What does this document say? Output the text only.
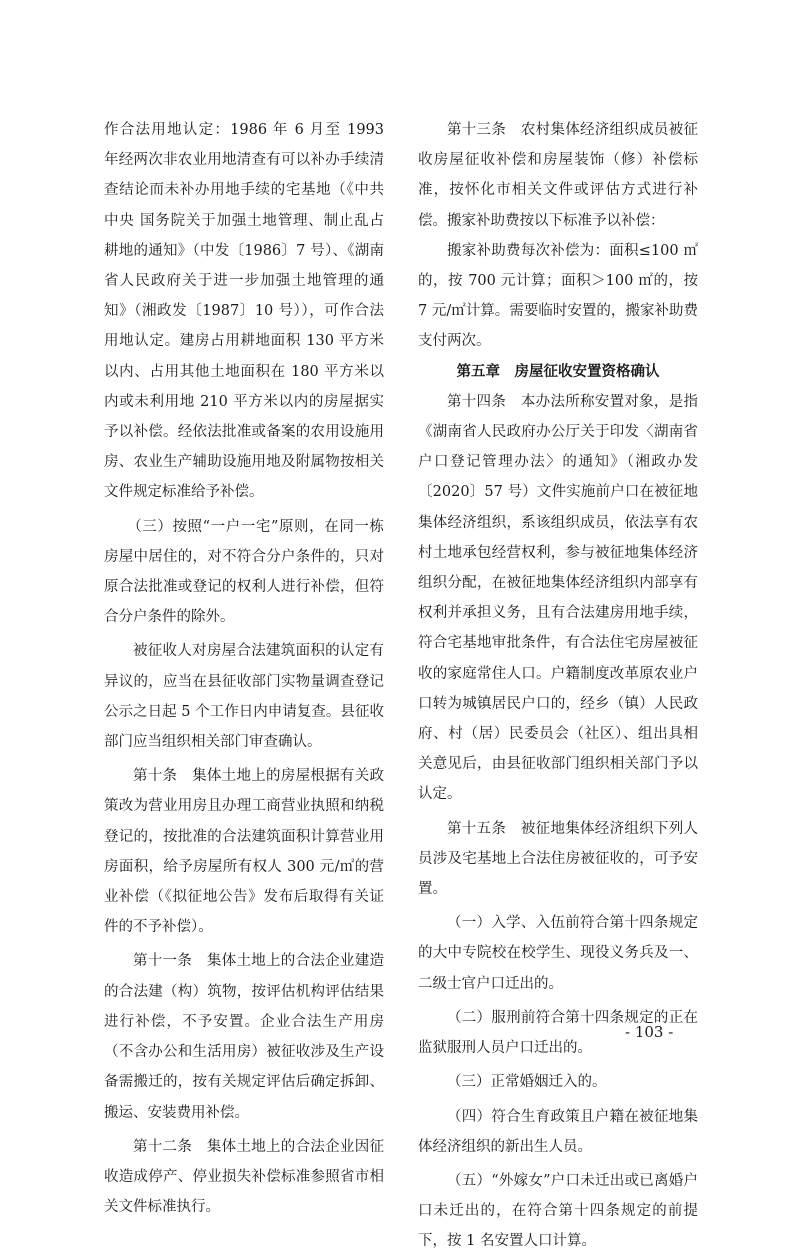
作合法用地认定：1986 年 6 月至 1993 年经两次非农业用地清查有可以补办手续清查结论而未补办用地手续的宅基地（《中共中央 国务院关于加强土地管理、制止乱占耕地的通知》（中发〔1986〕7 号）、《湖南省人民政府关于进一步加强土地管理的通知》（湘政发〔1987〕10 号）），可作合法用地认定。建房占用耕地面积 130 平方米以内、占用其他土地面积在 180 平方米以内或未利用地 210 平方米以内的房屋据实予以补偿。经依法批准或备案的农用设施用房、农业生产辅助设施用地及附属物按相关文件规定标准给予补偿。

（三）按照“一户一宅”原则，在同一栋房屋中居住的，对不符合分户条件的，只对原合法批准或登记的权利人进行补偿，但符合分户条件的除外。

被征收人对房屋合法建筑面积的认定有异议的，应当在县征收部门实物量调查登记公示之日起 5 个工作日内申请复查。县征收部门应当组织相关部门审查确认。

第十条　集体土地上的房屋根据有关政策改为营业用房且办理工商营业执照和纳税登记的，按批准的合法建筑面积计算营业用房面积，给予房屋所有权人 300 元/㎡的营业补偿（《拟征地公告》发布后取得有关证件的不予补偿）。

第十一条　集体土地上的合法企业建造的合法建（构）筑物，按评估机构评估结果进行补偿，不予安置。企业合法生产用房（不含办公和生活用房）被征收涉及生产设备需搬迁的，按有关规定评估后确定拆卸、搬运、安装费用补偿。

第十二条　集体土地上的合法企业因征收造成停产、停业损失补偿标准参照省市相关文件标准执行。

第十三条　农村集体经济组织成员被征收房屋征收补偿和房屋装饰（修）补偿标准，按怀化市相关文件或评估方式进行补偿。搬家补助费按以下标准予以补偿：

搬家补助费每次补偿为：面积≤100 ㎡的，按 700 元计算；面积＞100 ㎡的，按 7 元/㎡计算。需要临时安置的，搬家补助费支付两次。

第五章　房屋征收安置资格确认

第十四条　本办法所称安置对象，是指《湖南省人民政府办公厅关于印发〈湖南省户口登记管理办法〉的通知》（湘政办发〔2020〕57 号）文件实施前户口在被征地集体经济组织，系该组织成员，依法享有农村土地承包经营权利，参与被征地集体经济组织分配，在被征地集体经济组织内部享有权利并承担义务，且有合法建房用地手续，符合宅基地审批条件，有合法住宅房屋被征收的家庭常住人口。户籍制度改革原农业户口转为城镇居民户口的，经乡（镇）人民政府、村（居）民委员会（社区）、组出具相关意见后，由县征收部门组织相关部门予以认定。

第十五条　被征地集体经济组织下列人员涉及宅基地上合法住房被征收的，可予安置。

（一）入学、入伍前符合第十四条规定的大中专院校在校学生、现役义务兵及一、二级士官户口迁出的。

（二）服刑前符合第十四条规定的正在监狱服刑人员户口迁出的。

（三）正常婚姻迁入的。

（四）符合生育政策且户籍在被征地集体经济组织的新出生人员。

（五）“外嫁女”户口未迁出或已离婚户口未迁出的，在符合第十四条规定的前提下，按 1 名安置人口计算。

- 103 -
